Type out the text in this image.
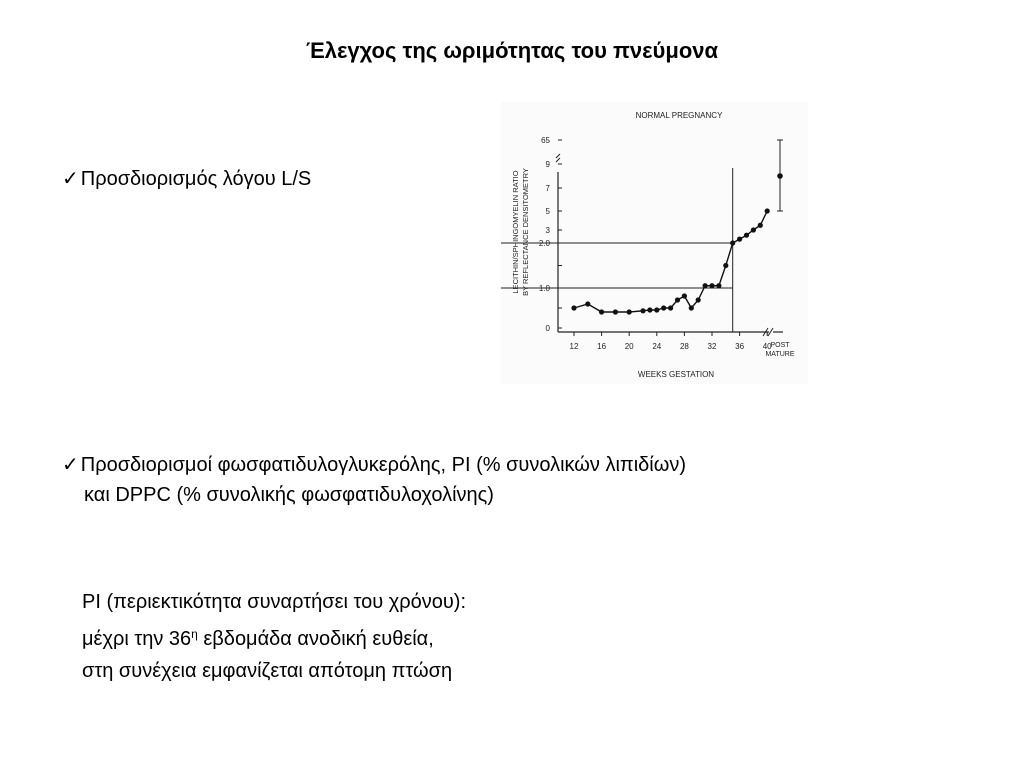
Έλεγχος της ωριμότητας του πνεύμονα
✓ Προσδιορισμός λόγου L/S
NORMAL PREGNANCY
0
1.0
2.0
3
5
7
9
65
LECITHIN/SPHINGOMYELIN RATIO BY REFLECTANCE DENSITOMETRY
12 16 20 24 28 32 36 40
POST
MATURE
WEEKS GESTATION
✓ Προσδιορισμοί φωσφατιδυλογλυκερόλης, PI (% συνολικών λιπιδίων)
και DPPC (% συνολικής φωσφατιδυλοχολίνης)
PI (περιεκτικότητα συναρτήσει του χρόνου):
μέχρι την $36^\eta$ εβδομάδα ανοδική ευθεία,
στη συνέχεια εμφανίζεται απότομη πτώση
